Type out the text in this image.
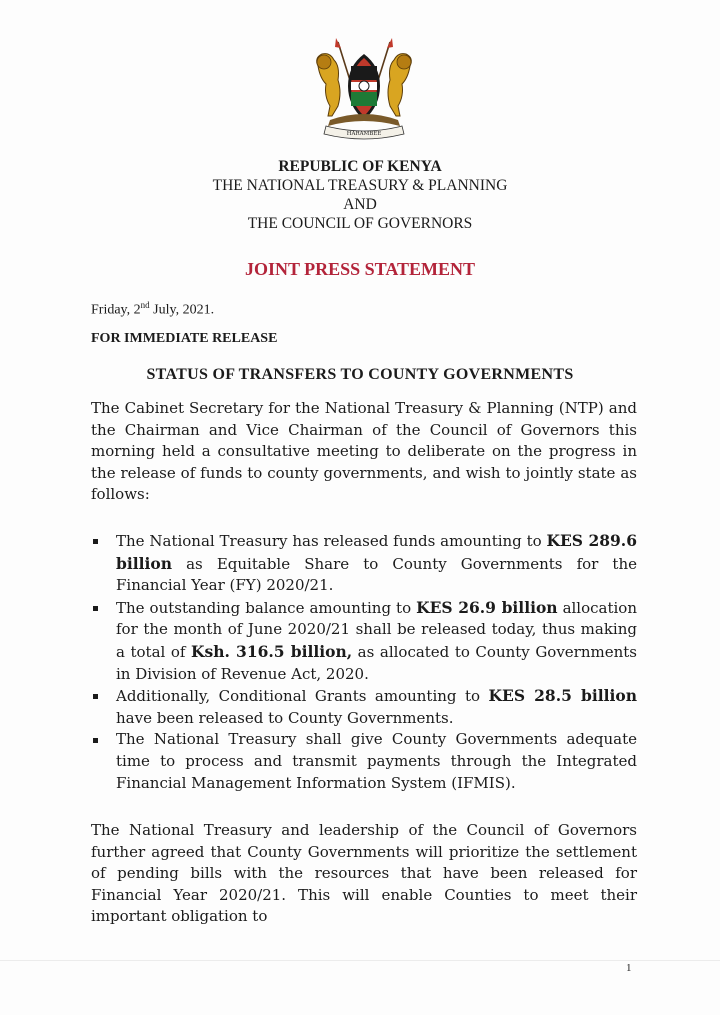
HARAMBEE
REPUBLIC OF KENYA
THE NATIONAL TREASURY & PLANNING
AND
THE COUNCIL OF GOVERNORS
JOINT PRESS STATEMENT
Friday, 2nd July, 2021.
FOR IMMEDIATE RELEASE
STATUS OF TRANSFERS TO COUNTY GOVERNMENTS
The Cabinet Secretary for the National Treasury & Planning (NTP) and the Chairman and Vice Chairman of the Council of Governors this morning held a consultative meeting to deliberate on the progress in the release of funds to county governments, and wish to jointly state as follows:
The National Treasury has released funds amounting to KES 289.6 billion as Equitable Share to County Governments for the Financial Year (FY) 2020/21.
The outstanding balance amounting to KES 26.9 billion allocation for the month of June 2020/21 shall be released today, thus making a total of Ksh. 316.5 billion, as allocated to County Governments in Division of Revenue Act, 2020.
Additionally, Conditional Grants amounting to KES 28.5 billion have been released to County Governments.
The National Treasury shall give County Governments adequate time to process and transmit payments through the Integrated Financial Management Information System (IFMIS).
The National Treasury and leadership of the Council of Governors further agreed that County Governments will prioritize the settlement of pending bills with the resources that have been released for Financial Year 2020/21. This will enable Counties to meet their important obligation to
1
